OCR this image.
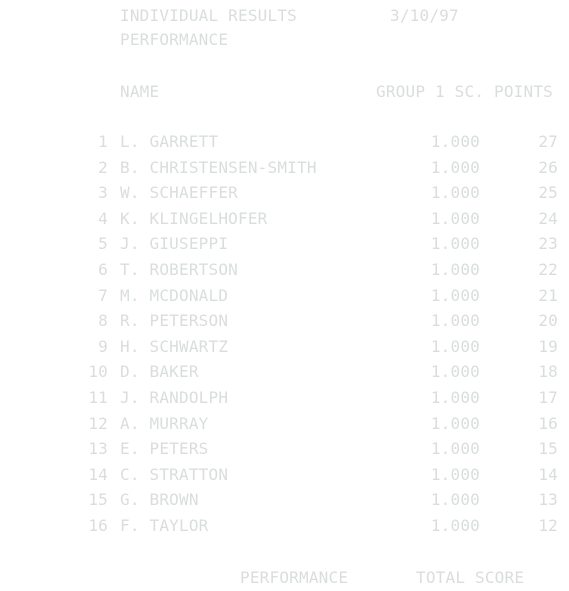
INDIVIDUAL RESULTS	3/10/97
PERFORMANCE
NAME	GROUP 1 SC. POINTS
1 L. GARRETT	1.000	27
2 B. CHRISTENSEN-SMITH	1.000	26
3 W. SCHAEFFER	1.000	25
4 K. KLINGELHOFER	1.000	24
5 J. GIUSEPPI	1.000	23
6 T. ROBERTSON	1.000	22
7 M. MCDONALD	1.000	21
8 R. PETERSON	1.000	20
9 H. SCHWARTZ	1.000	19
10 D. BAKER	1.000	18
11 J. RANDOLPH	1.000	17
12 A. MURRAY	1.000	16
13 E. PETERS	1.000	15
14 C. STRATTON	1.000	14
15 G. BROWN	1.000	13
16 F. TAYLOR	1.000	12
PERFORMANCE	TOTAL SCORE
